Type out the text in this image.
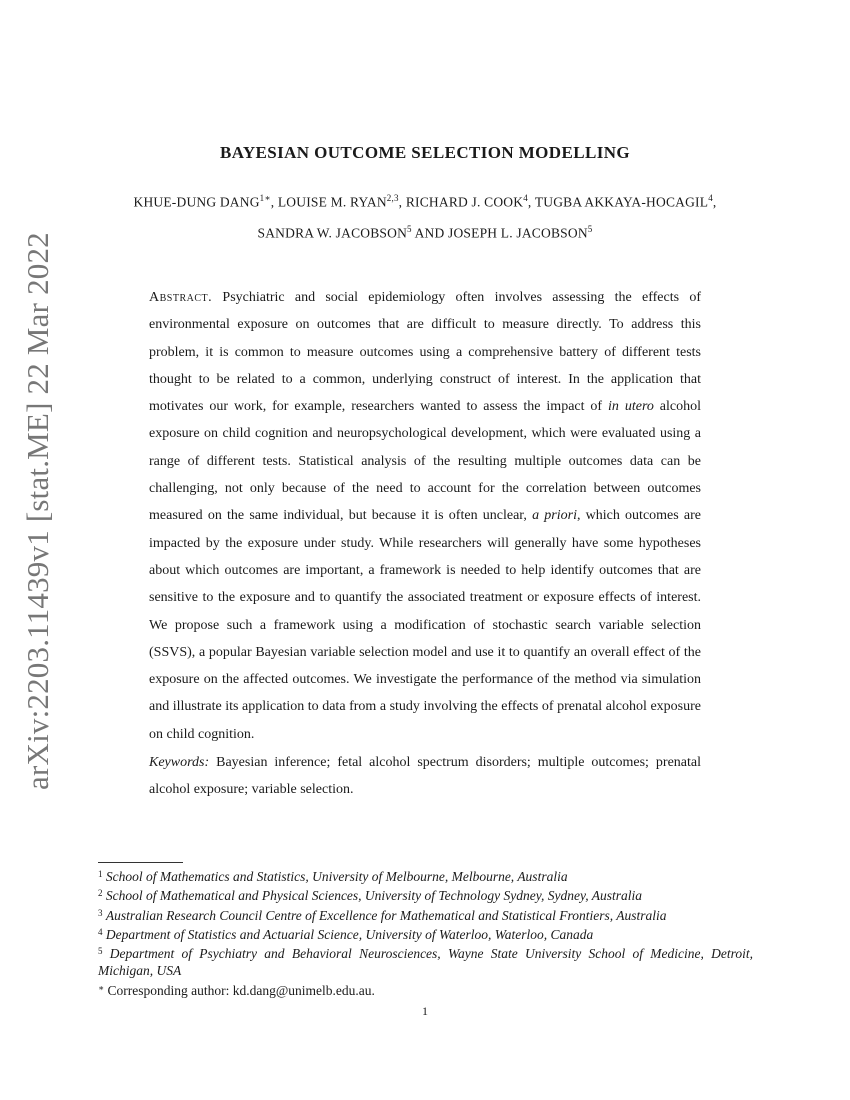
arXiv:2203.11439v1 [stat.ME] 22 Mar 2022
BAYESIAN OUTCOME SELECTION MODELLING
KHUE-DUNG $DANG^{1∗}$, LOUISE M. RYAN$^{2,3}$, RICHARD J. COOK$^4$, TUGBA AKKAYA-HOCAGIL$^4$,
SANDRA W. JACOBSON$^5$ AND JOSEPH L. JACOBSON$^5$

Abstract. Psychiatric and social epidemiology often involves assessing the effects of environmental exposure on outcomes that are difficult to measure directly. To address this problem, it is common to measure outcomes using a comprehensive battery of different tests thought to be related to a common, underlying construct of interest. In the application that motivates our work, for example, researchers wanted to assess the impact of in utero alcohol exposure on child cognition and neuropsychological development, which were evaluated using a range of different tests. Statistical analysis of the resulting multiple outcomes data can be challenging, not only because of the need to account for the correlation between outcomes measured on the same individual, but because it is often unclear, a priori, which outcomes are impacted by the exposure under study. While researchers will generally have some hypotheses about which outcomes are important, a framework is needed to help identify outcomes that are sensitive to the exposure and to quantify the associated treatment or exposure effects of interest. We propose such a framework using a modification of stochastic search variable selection (SSVS), a popular Bayesian variable selection model and use it to quantify an overall effect of the exposure on the affected outcomes. We investigate the performance of the method via simulation and illustrate its application to data from a study involving the effects of prenatal alcohol exposure on child cognition.

Keywords: Bayesian inference; fetal alcohol spectrum disorders; multiple outcomes; prenatal alcohol exposure; variable selection.

$^1$ School of Mathematics and Statistics, University of Melbourne, Melbourne, Australia

$^2$ School of Mathematical and Physical Sciences, University of Technology Sydney, Sydney, Australia

$^3$ Australian Research Council Centre of Excellence for Mathematical and Statistical Frontiers, Australia

$^4$ Department of Statistics and Actuarial Science, University of Waterloo, Waterloo, Canada

$^5$ Department of Psychiatry and Behavioral Neurosciences, Wayne State University School of Medicine, Detroit, Michigan, USA

∗ Corresponding author: kd.dang@unimelb.edu.au.

1
